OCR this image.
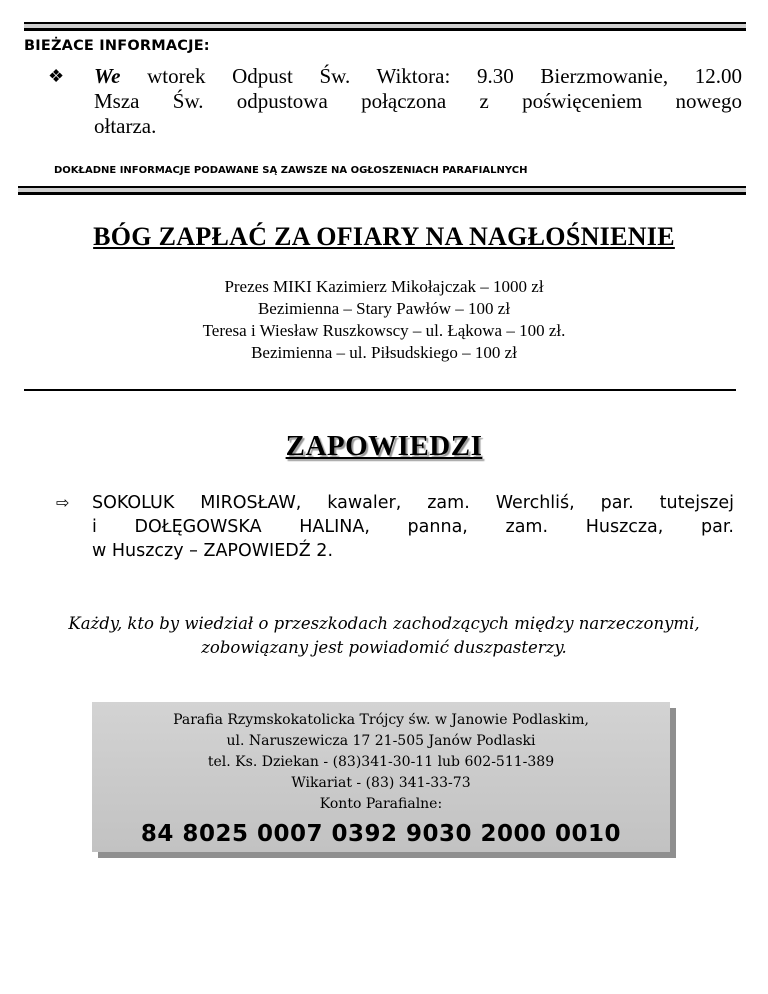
BIEŻACE INFORMACJE:
❖ We wtorek Odpust Św. Wiktora: 9.30 Bierzmowanie, 12.00
Msza Św. odpustowa połączona z poświęceniem nowego
ołtarza.
DOKŁADNE INFORMACJE PODAWANE SĄ ZAWSZE NA OGŁOSZENIACH PARAFIALNYCH
BÓG ZAPŁAĆ ZA OFIARY NA NAGŁOŚNIENIE
Prezes MIKI Kazimierz Mikołajczak – 1000 zł
Bezimienna – Stary Pawłów – 100 zł
Teresa i Wiesław Ruszkowscy – ul. Łąkowa – 100 zł.
Bezimienna – ul. Piłsudskiego – 100 zł
ZAPOWIEDZI
⇨	SOKOLUK MIROSŁAW, kawaler, zam. Werchliś, par. tutejszej
i DOŁĘGOWSKA HALINA, panna, zam. Huszcza, par.
w Huszczy – ZAPOWIEDŹ 2.
Każdy, kto by wiedział o przeszkodach zachodzących między narzeczonymi,
zobowiązany jest powiadomić duszpasterzy.
Parafia Rzymskokatolicka Trójcy św. w Janowie Podlaskim,
ul. Naruszewicza 17 21-505 Janów Podlaski
tel. Ks. Dziekan - (83)341-30-11 lub 602-511-389
Wikariat - (83) 341-33-73
Konto Parafialne:
84 8025 0007 0392 9030 2000 0010
